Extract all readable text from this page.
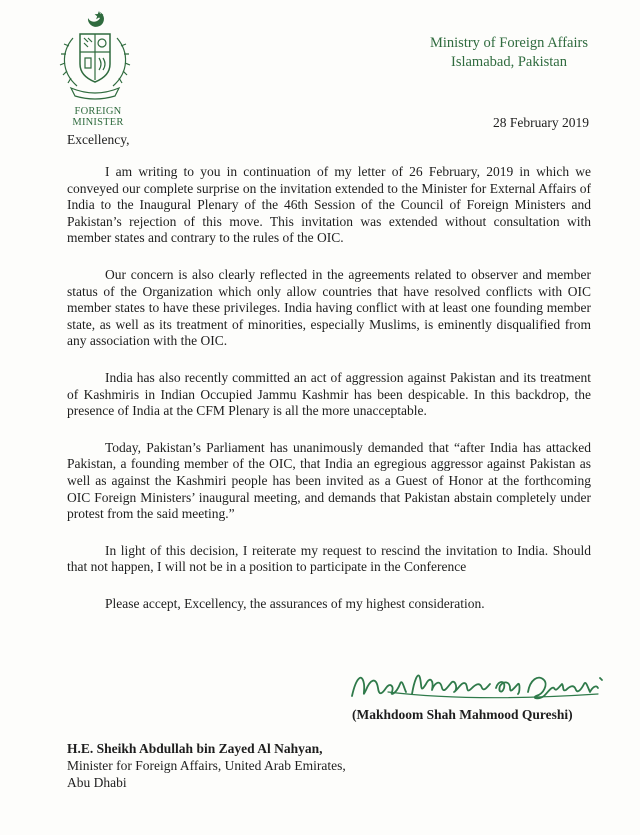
FOREIGN MINISTER
Ministry of Foreign Affairs
Islamabad, Pakistan
28 February 2019
Excellency,

I am writing to you in continuation of my letter of 26 February, 2019 in which we conveyed our complete surprise on the invitation extended to the Minister for External Affairs of India to the Inaugural Plenary of the 46th Session of the Council of Foreign Ministers and Pakistan’s rejection of this move. This invitation was extended without consultation with member states and contrary to the rules of the OIC.

Our concern is also clearly reflected in the agreements related to observer and member status of the Organization which only allow countries that have resolved conflicts with OIC member states to have these privileges. India having conflict with at least one founding member state, as well as its treatment of minorities, especially Muslims, is eminently disqualified from any association with the OIC.

India has also recently committed an act of aggression against Pakistan and its treatment of Kashmiris in Indian Occupied Jammu Kashmir has been despicable. In this backdrop, the presence of India at the CFM Plenary is all the more unacceptable.

Today, Pakistan’s Parliament has unanimously demanded that “after India has attacked Pakistan, a founding member of the OIC, that India an egregious aggressor against Pakistan as well as against the Kashmiri people has been invited as a Guest of Honor at the forthcoming OIC Foreign Ministers’ inaugural meeting, and demands that Pakistan abstain completely under protest from the said meeting.”

In light of this decision, I reiterate my request to rescind the invitation to India. Should that not happen, I will not be in a position to participate in the Conference

Please accept, Excellency, the assurances of my highest consideration.

(Makhdoom Shah Mahmood Qureshi)
H.E. Sheikh Abdullah bin Zayed Al Nahyan,
Minister for Foreign Affairs, United Arab Emirates,
Abu Dhabi
